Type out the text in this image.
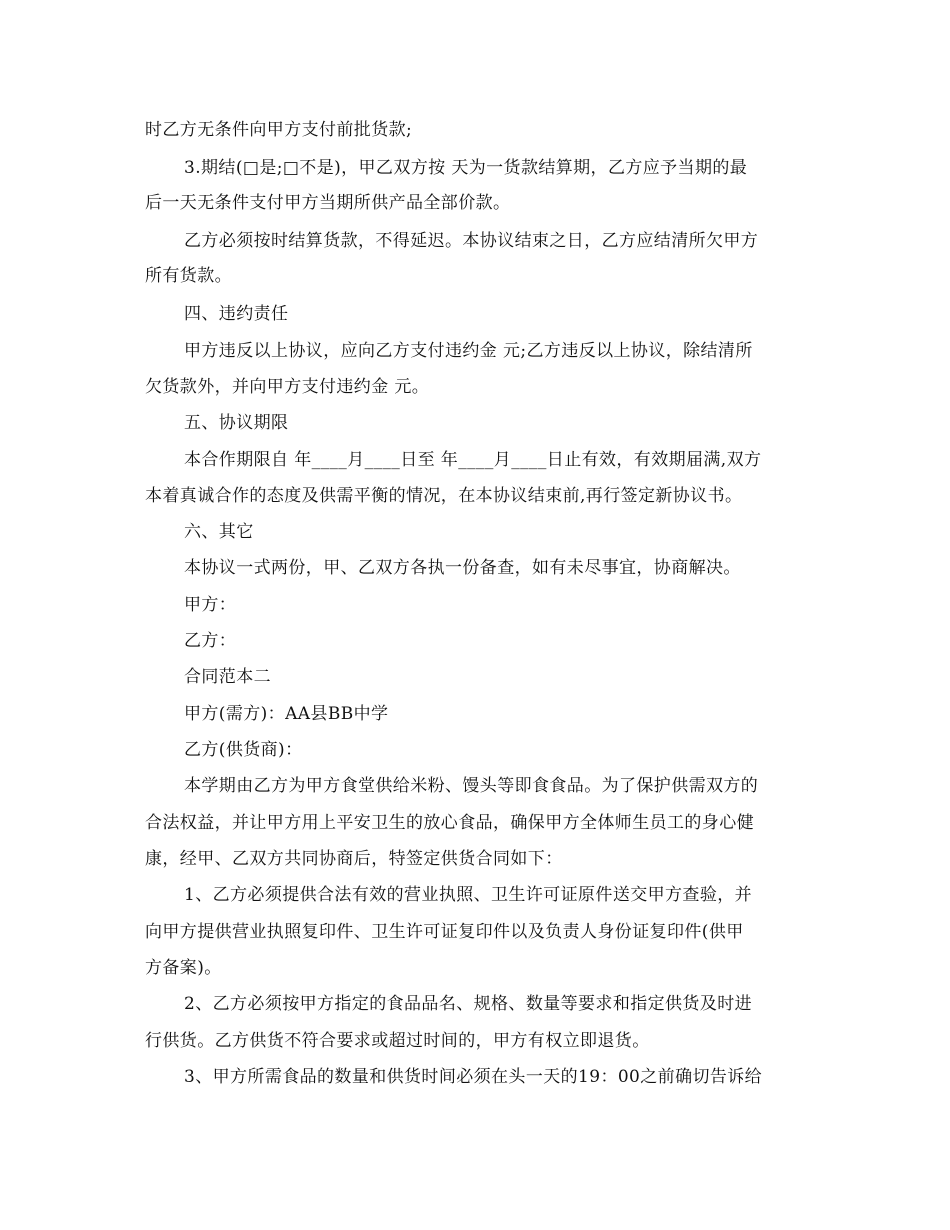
时乙方无条件向甲方支付前批货款;
3.期结(□是;□不是)，甲乙双方按 天为一货款结算期，乙方应予当期的最
后一天无条件支付甲方当期所供产品全部价款。
乙方必须按时结算货款，不得延迟。本协议结束之日，乙方应结清所欠甲方
所有货款。
四、违约责任
甲方违反以上协议，应向乙方支付违约金 元;乙方违反以上协议，除结清所
欠货款外，并向甲方支付违约金 元。
五、协议期限
本合作期限自 年____月____日至 年____月____日止有效，有效期届满,双方
本着真诚合作的态度及供需平衡的情况，在本协议结束前,再行签定新协议书。
六、其它
本协议一式两份，甲、乙双方各执一份备查，如有未尽事宜，协商解决。
甲方：
乙方：
合同范本二
甲方(需方)：AA县BB中学
乙方(供货商)：
本学期由乙方为甲方食堂供给米粉、馒头等即食食品。为了保护供需双方的
合法权益，并让甲方用上平安卫生的放心食品，确保甲方全体师生员工的身心健
康，经甲、乙双方共同协商后，特签定供货合同如下：
1、乙方必须提供合法有效的营业执照、卫生许可证原件送交甲方查验，并
向甲方提供营业执照复印件、卫生许可证复印件以及负责人身份证复印件(供甲
方备案)。
2、乙方必须按甲方指定的食品品名、规格、数量等要求和指定供货及时进
行供货。乙方供货不符合要求或超过时间的，甲方有权立即退货。
3、甲方所需食品的数量和供货时间必须在头一天的19：00之前确切告诉给
